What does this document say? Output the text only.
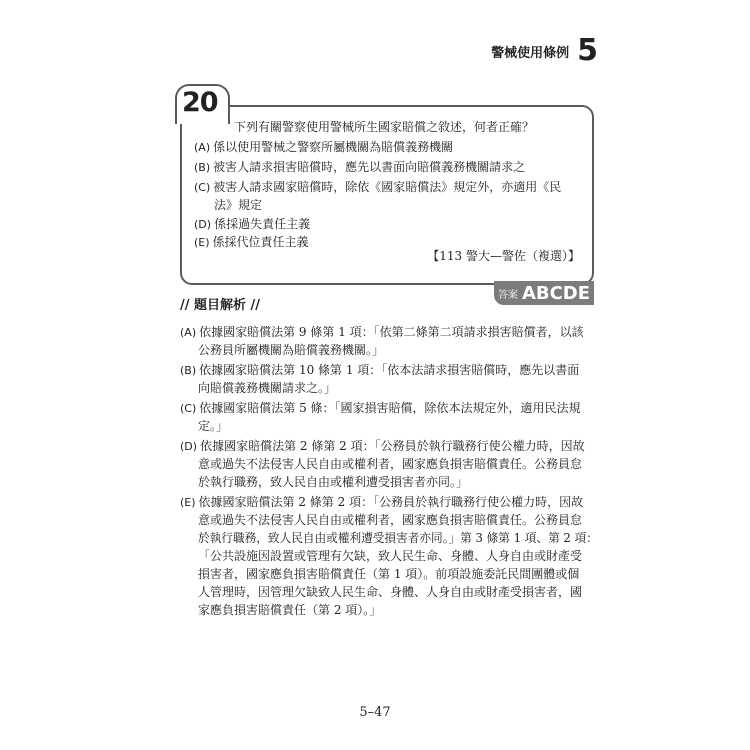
警械使用條例 5
20
下列有關警察使用警械所生國家賠償之敘述，何者正確？
(A) 係以使用警械之警察所屬機關為賠償義務機關
(B) 被害人請求損害賠償時，應先以書面向賠償義務機關請求之
(C) 被害人請求國家賠償時，除依《國家賠償法》規定外，亦適用《民
法》規定
(D) 係採過失責任主義
(E) 係採代位責任主義
【113 警大—警佐（複選）】
答案 ABCDE
// 題目解析 //
(A) 依據國家賠償法第 9 條第 1 項：「依第二條第二項請求損害賠償者，以該
公務員所屬機關為賠償義務機關。」
(B) 依據國家賠償法第 10 條第 1 項：「依本法請求損害賠償時，應先以書面
向賠償義務機關請求之。」
(C) 依據國家賠償法第 5 條：「國家損害賠償，除依本法規定外，適用民法規
定。」
(D) 依據國家賠償法第 2 條第 2 項：「公務員於執行職務行使公權力時，因故
意或過失不法侵害人民自由或權利者，國家應負損害賠償責任。公務員怠
於執行職務，致人民自由或權利遭受損害者亦同。」
(E) 依據國家賠償法第 2 條第 2 項：「公務員於執行職務行使公權力時，因故
意或過失不法侵害人民自由或權利者，國家應負損害賠償責任。公務員怠
於執行職務，致人民自由或權利遭受損害者亦同。」第 3 條第 1 項、第 2 項：
「公共設施因設置或管理有欠缺，致人民生命、身體、人身自由或財產受
損害者，國家應負損害賠償責任（第 1 項）。前項設施委託民間團體或個
人管理時，因管理欠缺致人民生命、身體、人身自由或財產受損害者，國
家應負損害賠償責任（第 2 項）。」
5–47
